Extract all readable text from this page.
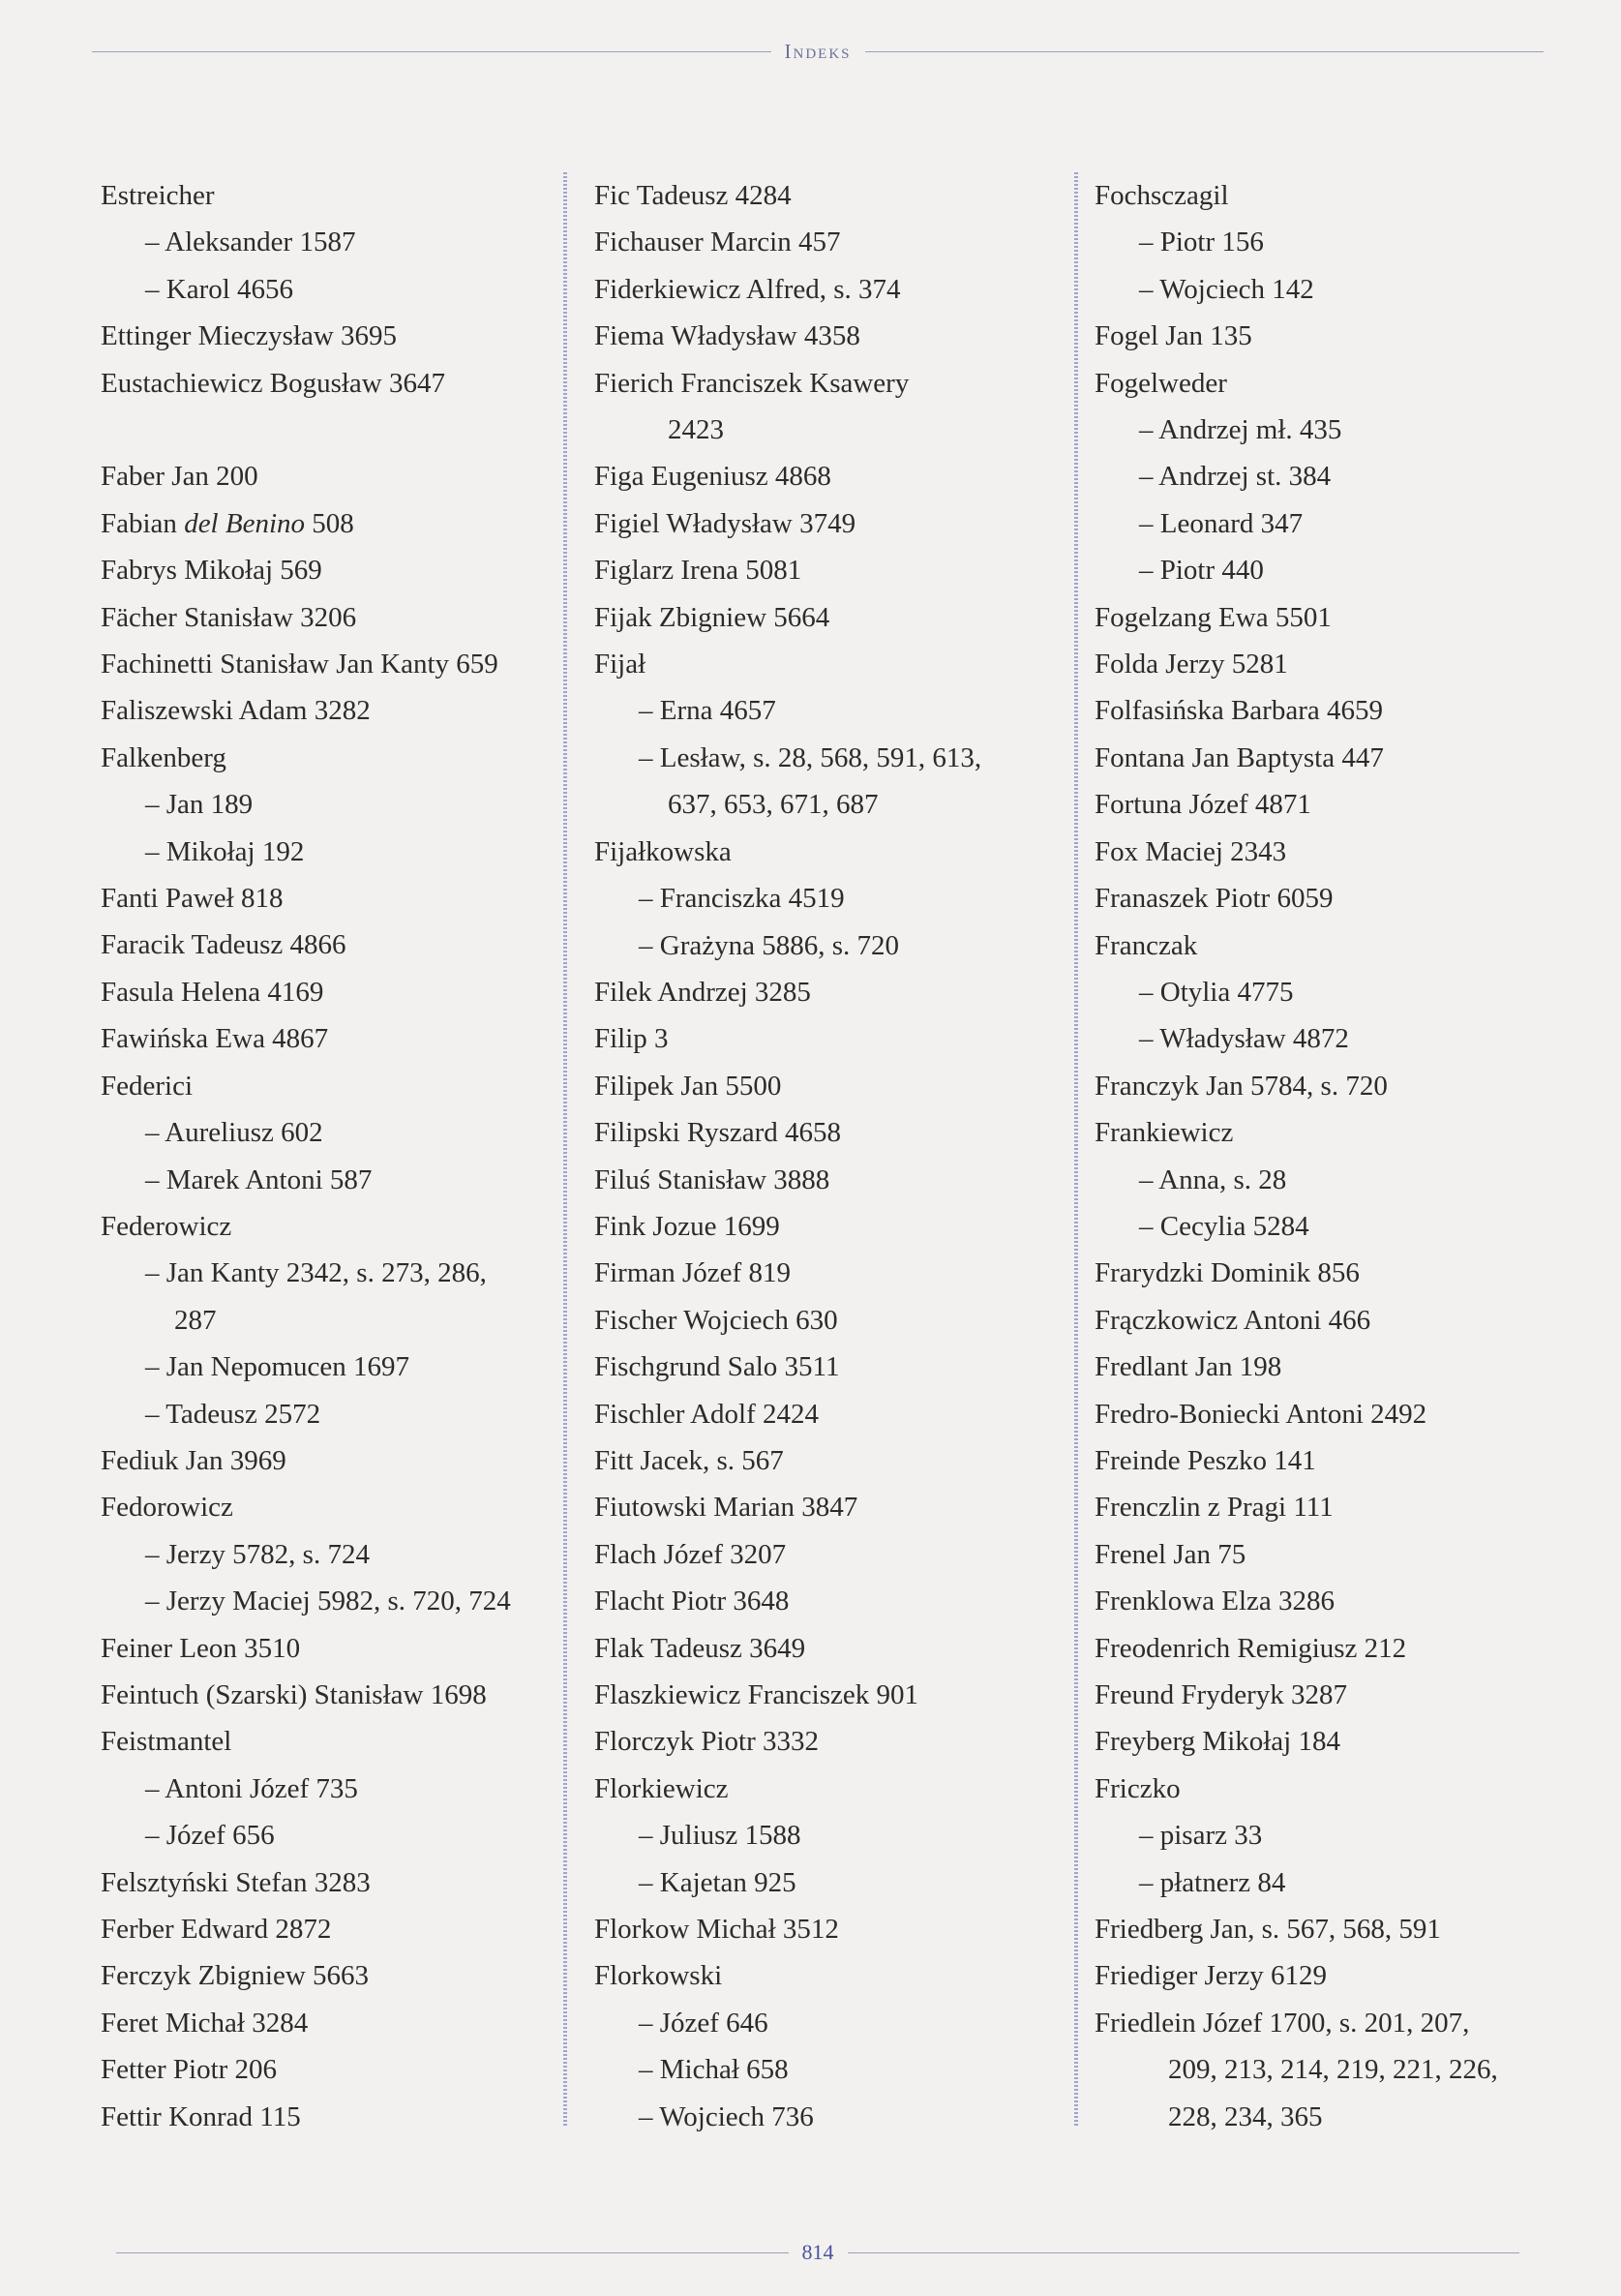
Indeks
Estreicher
– Aleksander 1587
– Karol 4656
Ettinger Mieczysław 3695
Eustachiewicz Bogusław 3647
Faber Jan 200
Fabian del Benino 508
Fabrys Mikołaj 569
Fächer Stanisław 3206
Fachinetti Stanisław Jan Kanty 659
Faliszewski Adam 3282
Falkenberg
– Jan 189
– Mikołaj 192
Fanti Paweł 818
Faracik Tadeusz 4866
Fasula Helena 4169
Fawińska Ewa 4867
Federici
– Aureliusz 602
– Marek Antoni 587
Federowicz
– Jan Kanty 2342, s. 273, 286,
287
– Jan Nepomucen 1697
– Tadeusz 2572
Fediuk Jan 3969
Fedorowicz
– Jerzy 5782, s. 724
– Jerzy Maciej 5982, s. 720, 724
Feiner Leon 3510
Feintuch (Szarski) Stanisław 1698
Feistmantel
– Antoni Józef 735
– Józef 656
Felsztyński Stefan 3283
Ferber Edward 2872
Ferczyk Zbigniew 5663
Feret Michał 3284
Fetter Piotr 206
Fettir Konrad 115
Fic Tadeusz 4284
Fichauser Marcin 457
Fiderkiewicz Alfred, s. 374
Fiema Władysław 4358
Fierich Franciszek Ksawery
2423
Figa Eugeniusz 4868
Figiel Władysław 3749
Figlarz Irena 5081
Fijak Zbigniew 5664
Fijał
– Erna 4657
– Lesław, s. 28, 568, 591, 613,
637, 653, 671, 687
Fijałkowska
– Franciszka 4519
– Grażyna 5886, s. 720
Filek Andrzej 3285
Filip 3
Filipek Jan 5500
Filipski Ryszard 4658
Filuś Stanisław 3888
Fink Jozue 1699
Firman Józef 819
Fischer Wojciech 630
Fischgrund Salo 3511
Fischler Adolf 2424
Fitt Jacek, s. 567
Fiutowski Marian 3847
Flach Józef 3207
Flacht Piotr 3648
Flak Tadeusz 3649
Flaszkiewicz Franciszek 901
Florczyk Piotr 3332
Florkiewicz
– Juliusz 1588
– Kajetan 925
Florkow Michał 3512
Florkowski
– Józef 646
– Michał 658
– Wojciech 736
Fochsczagil
– Piotr 156
– Wojciech 142
Fogel Jan 135
Fogelweder
– Andrzej mł. 435
– Andrzej st. 384
– Leonard 347
– Piotr 440
Fogelzang Ewa 5501
Folda Jerzy 5281
Folfasińska Barbara 4659
Fontana Jan Baptysta 447
Fortuna Józef 4871
Fox Maciej 2343
Franaszek Piotr 6059
Franczak
– Otylia 4775
– Władysław 4872
Franczyk Jan 5784, s. 720
Frankiewicz
– Anna, s. 28
– Cecylia 5284
Frarydzki Dominik 856
Frączkowicz Antoni 466
Fredlant Jan 198
Fredro-Boniecki Antoni 2492
Freinde Peszko 141
Frenczlin z Pragi 111
Frenel Jan 75
Frenklowa Elza 3286
Freodenrich Remigiusz 212
Freund Fryderyk 3287
Freyberg Mikołaj 184
Friczko
– pisarz 33
– płatnerz 84
Friedberg Jan, s. 567, 568, 591
Friediger Jerzy 6129
Friedlein Józef 1700, s. 201, 207,
209, 213, 214, 219, 221, 226,
228, 234, 365
814
